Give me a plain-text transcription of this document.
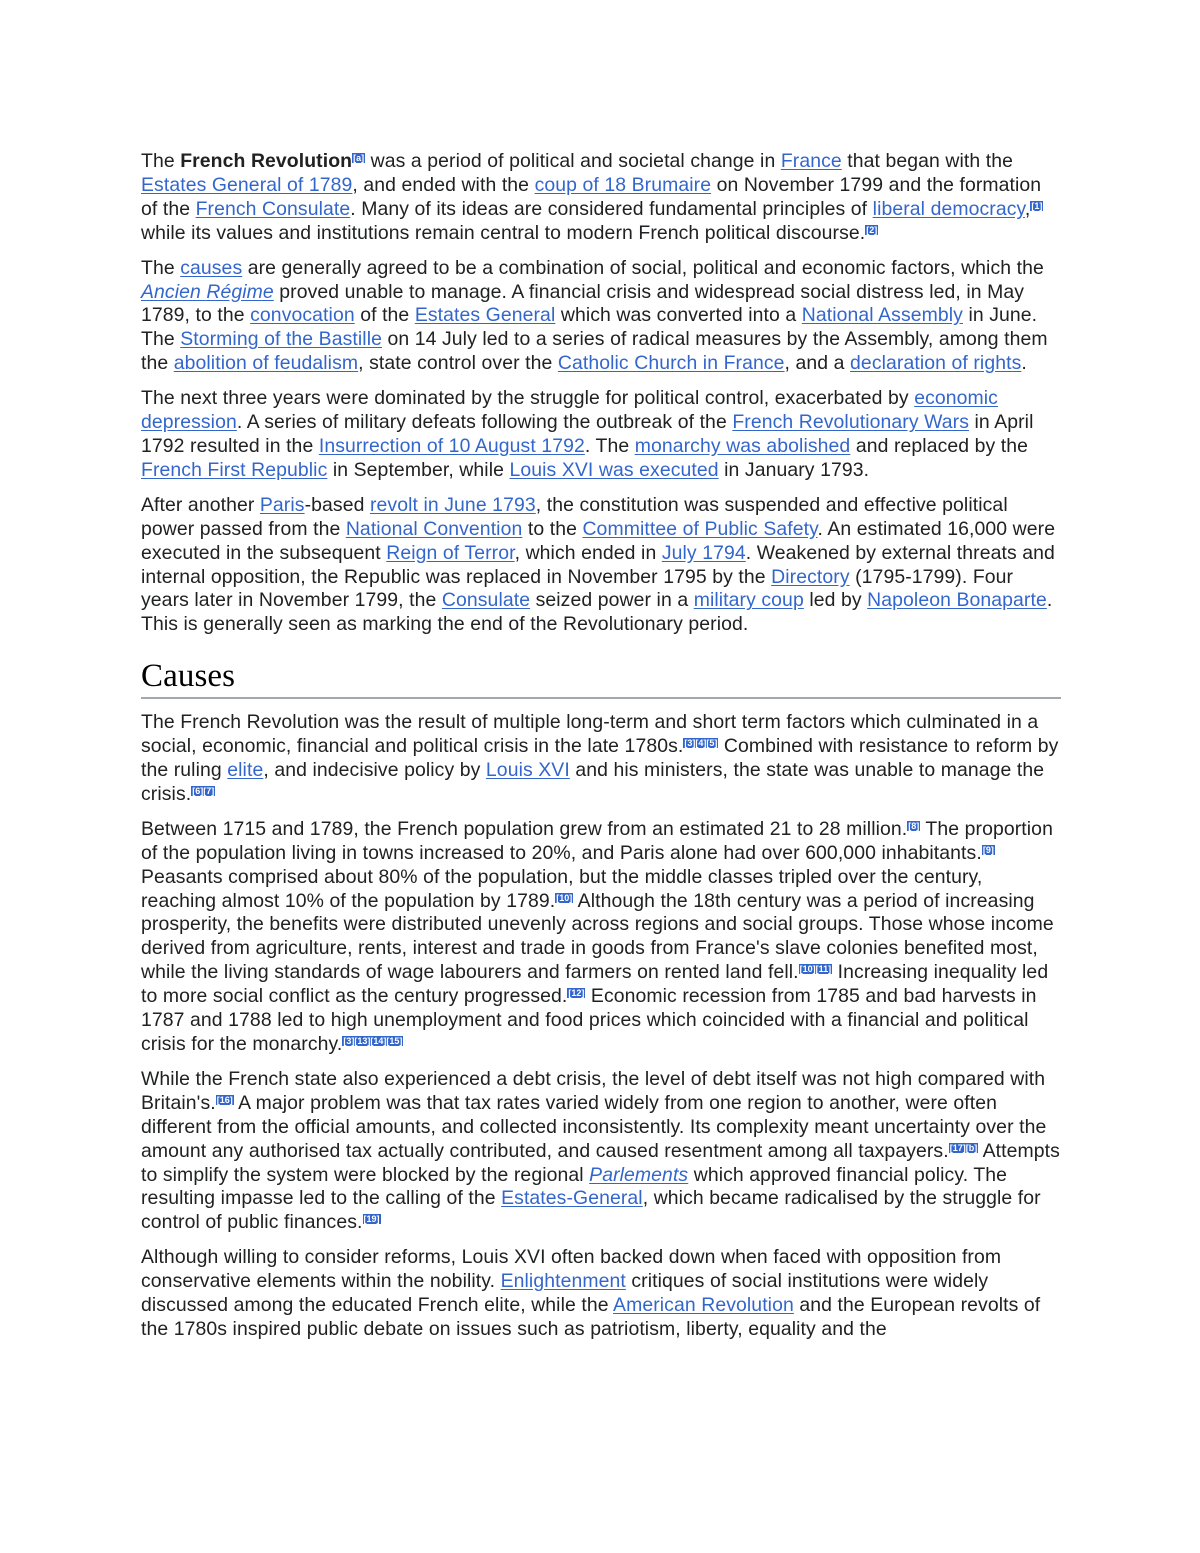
The French Revolution[a] was a period of political and societal change in France that began with the Estates General of 1789, and ended with the coup of 18 Brumaire on November 1799 and the formation of the French Consulate. Many of its ideas are considered fundamental principles of liberal democracy,[1] while its values and institutions remain central to modern French political discourse.[2]

The causes are generally agreed to be a combination of social, political and economic factors, which the Ancien Régime proved unable to manage. A financial crisis and widespread social distress led, in May 1789, to the convocation of the Estates General which was converted into a National Assembly in June. The Storming of the Bastille on 14 July led to a series of radical measures by the Assembly, among them the abolition of feudalism, state control over the Catholic Church in France, and a declaration of rights.

The next three years were dominated by the struggle for political control, exacerbated by economic depression. A series of military defeats following the outbreak of the French Revolutionary Wars in April 1792 resulted in the Insurrection of 10 August 1792. The monarchy was abolished and replaced by the French First Republic in September, while Louis XVI was executed in January 1793.

After another Paris-based revolt in June 1793, the constitution was suspended and effective political power passed from the National Convention to the Committee of Public Safety. An estimated 16,000 were executed in the subsequent Reign of Terror, which ended in July 1794. Weakened by external threats and internal opposition, the Republic was replaced in November 1795 by the Directory (1795-1799). Four years later in November 1799, the Consulate seized power in a military coup led by Napoleon Bonaparte. This is generally seen as marking the end of the Revolutionary period.

Causes

The French Revolution was the result of multiple long-term and short term factors which culminated in a social, economic, financial and political crisis in the late 1780s.[3][4][5] Combined with resistance to reform by the ruling elite, and indecisive policy by Louis XVI and his ministers, the state was unable to manage the crisis.[6][7]

Between 1715 and 1789, the French population grew from an estimated 21 to 28 million.[8] The proportion of the population living in towns increased to 20%, and Paris alone had over 600,000 inhabitants.[9] Peasants comprised about 80% of the population, but the middle classes tripled over the century, reaching almost 10% of the population by 1789.[10] Although the 18th century was a period of increasing prosperity, the benefits were distributed unevenly across regions and social groups. Those whose income derived from agriculture, rents, interest and trade in goods from France's slave colonies benefited most, while the living standards of wage labourers and farmers on rented land fell.[10][11] Increasing inequality led to more social conflict as the century progressed.[12] Economic recession from 1785 and bad harvests in 1787 and 1788 led to high unemployment and food prices which coincided with a financial and political crisis for the monarchy.[3][13][14][15]

While the French state also experienced a debt crisis, the level of debt itself was not high compared with Britain's.[16] A major problem was that tax rates varied widely from one region to another, were often different from the official amounts, and collected inconsistently. Its complexity meant uncertainty over the amount any authorised tax actually contributed, and caused resentment among all taxpayers.[17][b] Attempts to simplify the system were blocked by the regional Parlements which approved financial policy. The resulting impasse led to the calling of the Estates-General, which became radicalised by the struggle for control of public finances.[19]

Although willing to consider reforms, Louis XVI often backed down when faced with opposition from conservative elements within the nobility. Enlightenment critiques of social institutions were widely discussed among the educated French elite, while the American Revolution and the European revolts of the 1780s inspired public debate on issues such as patriotism, liberty, equality and the
